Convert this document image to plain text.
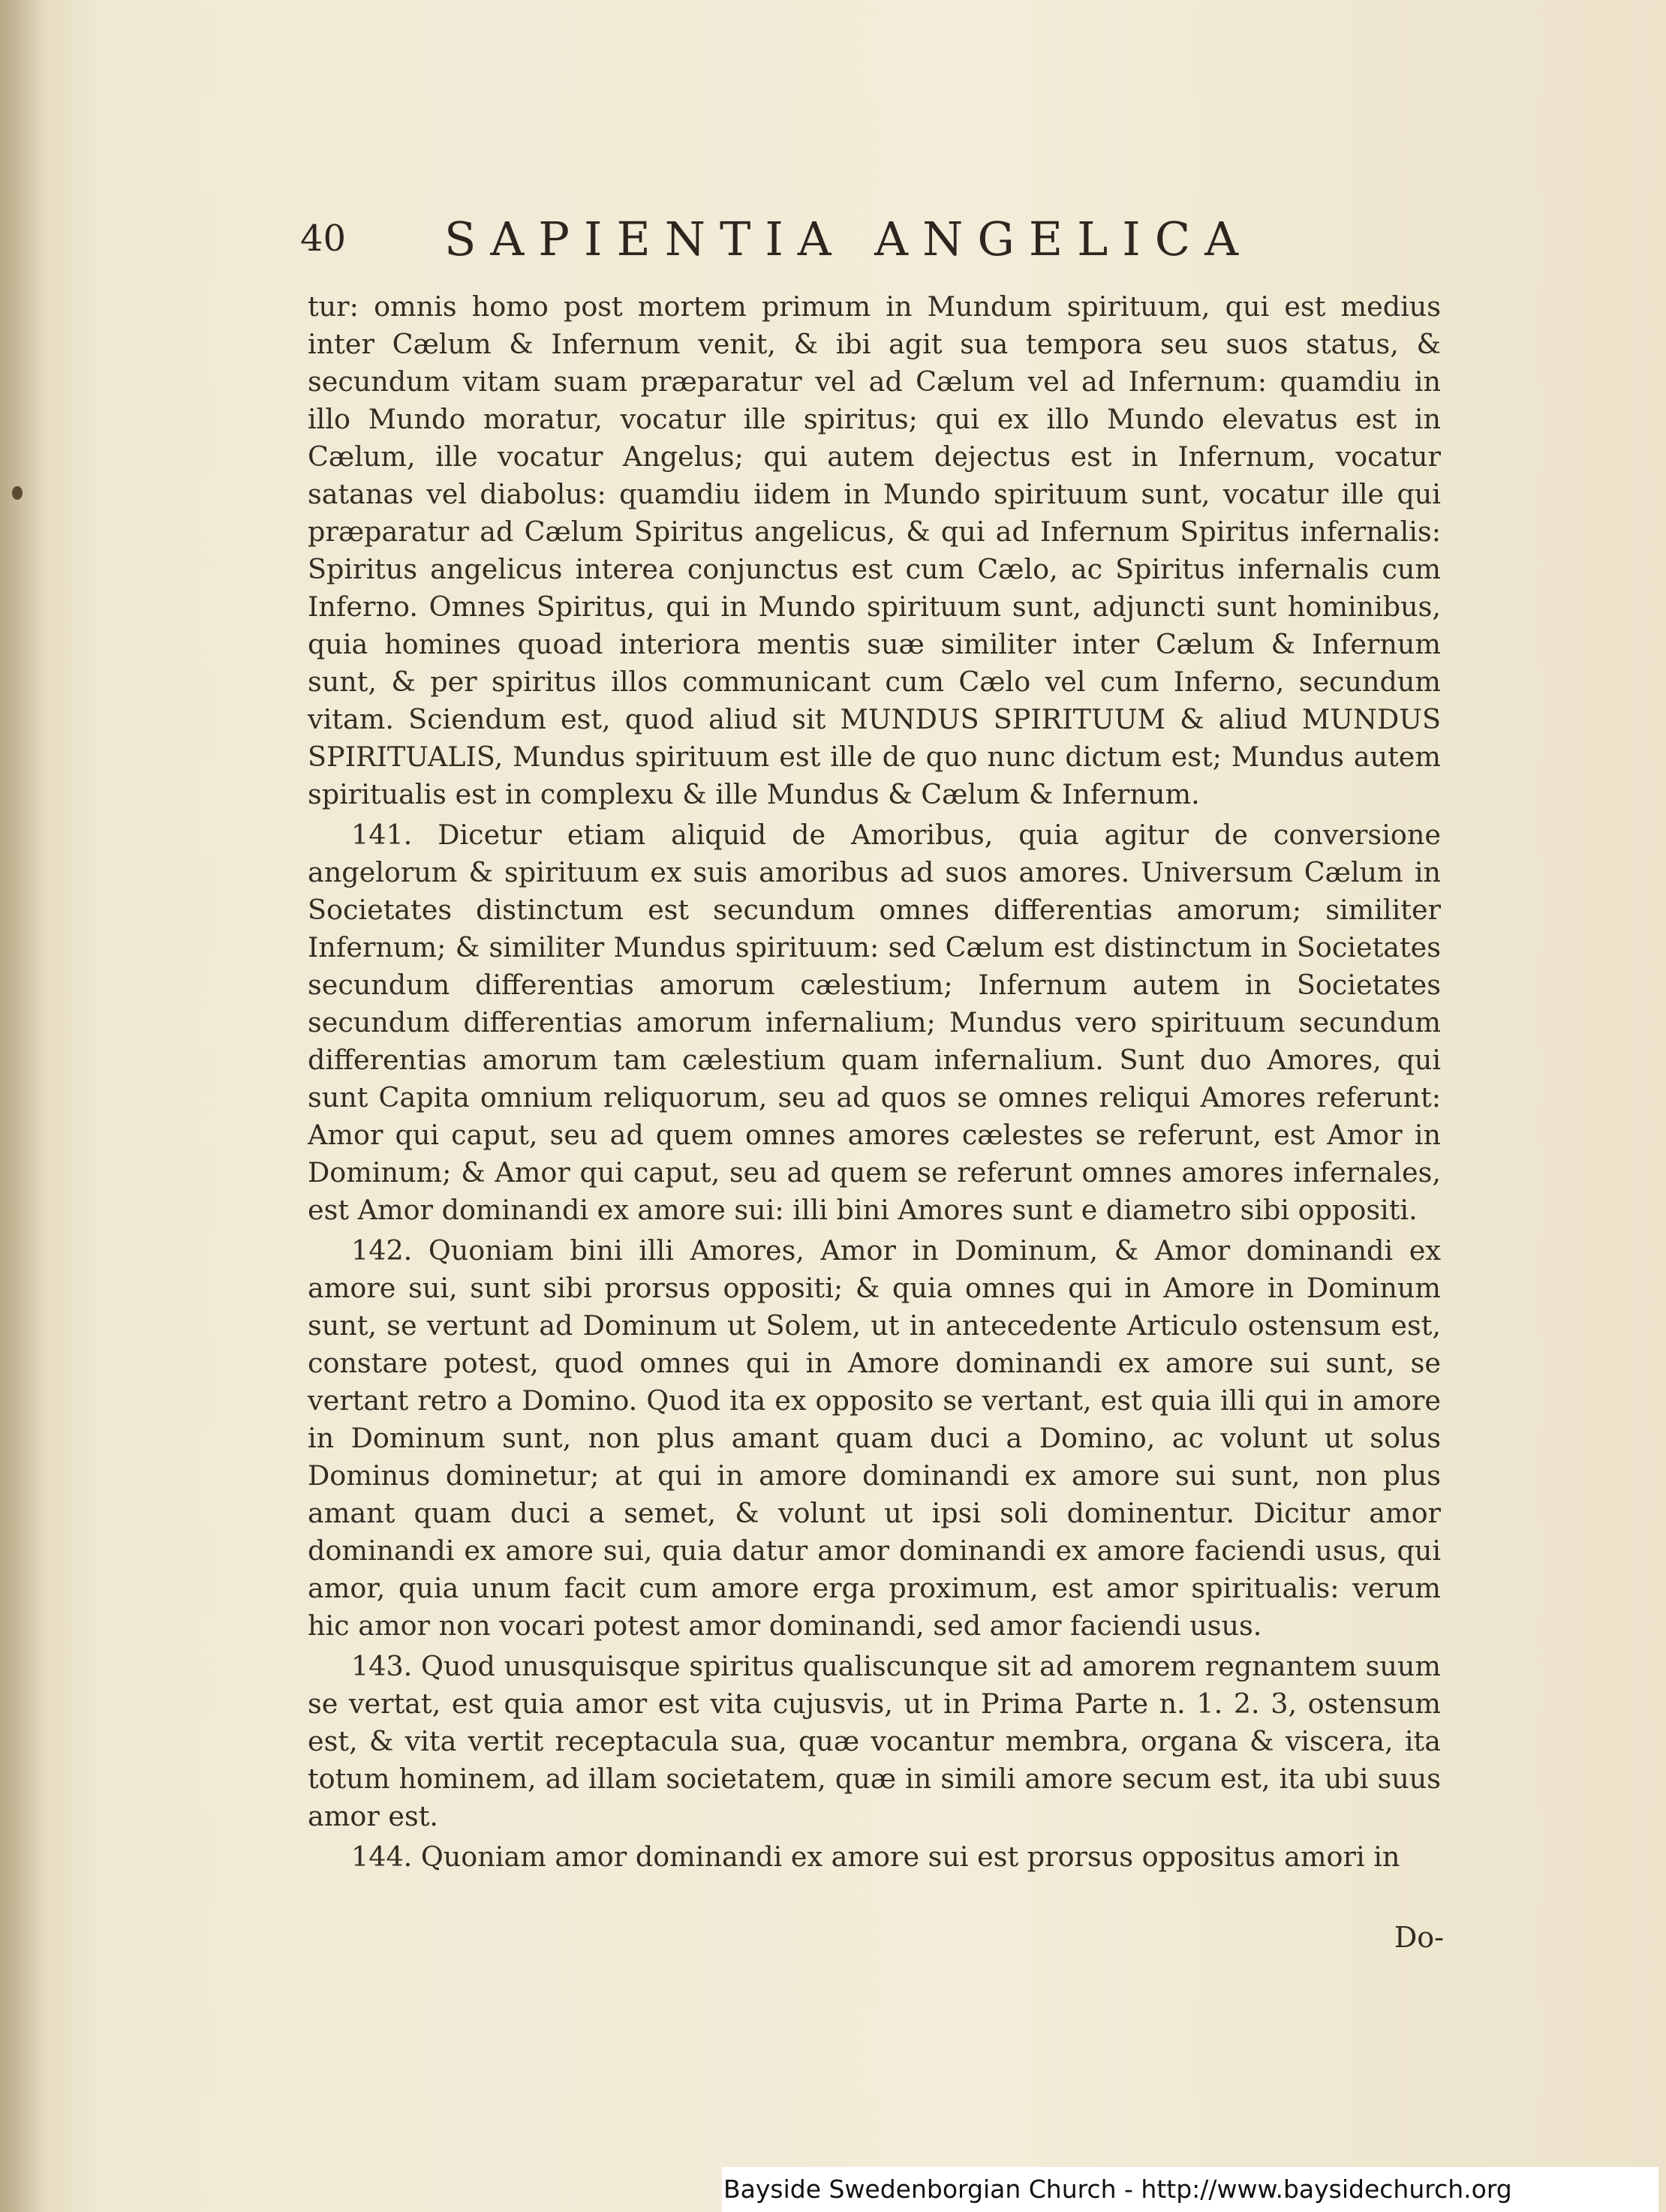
40 SAPIENTIA ANGELICA

tur: omnis homo post mortem primum in Mundum spirituum, qui est medius inter Cælum & Infernum venit, & ibi agit sua tempora seu suos status, & secundum vitam suam præparatur vel ad Cælum vel ad Infernum: quamdiu in illo Mundo moratur, vocatur ille spiritus; qui ex illo Mundo elevatus est in Cælum, ille vocatur Angelus; qui autem dejectus est in Infernum, vocatur satanas vel diabolus: quamdiu iidem in Mundo spirituum sunt, vocatur ille qui præparatur ad Cælum Spiritus angelicus, & qui ad Infernum Spiritus infernalis: Spiritus angelicus interea conjunctus est cum Cælo, ac Spiritus infernalis cum Inferno. Omnes Spiritus, qui in Mundo spirituum sunt, adjuncti sunt hominibus, quia homines quoad interiora mentis suæ similiter inter Cælum & Infernum sunt, & per spiritus illos communicant cum Cælo vel cum Inferno, secundum vitam. Sciendum est, quod aliud sit MUNDUS SPIRITUUM & aliud MUNDUS SPIRITUALIS, Mundus spirituum est ille de quo nunc dictum est; Mundus autem spiritualis est in complexu & ille Mundus & Cælum & Infernum.

141. Dicetur etiam aliquid de Amoribus, quia agitur de conversione angelorum & spirituum ex suis amoribus ad suos amores. Universum Cælum in Societates distinctum est secundum omnes differentias amorum; similiter Infernum; & similiter Mundus spirituum: sed Cælum est distinctum in Societates secundum differentias amorum cælestium; Infernum autem in Societates secundum differentias amorum infernalium; Mundus vero spirituum secundum differentias amorum tam cælestium quam infernalium. Sunt duo Amores, qui sunt Capita omnium reliquorum, seu ad quos se omnes reliqui Amores referunt: Amor qui caput, seu ad quem omnes amores cælestes se referunt, est Amor in Dominum; & Amor qui caput, seu ad quem se referunt omnes amores infernales, est Amor dominandi ex amore sui: illi bini Amores sunt e diametro sibi oppositi.

142. Quoniam bini illi Amores, Amor in Dominum, & Amor dominandi ex amore sui, sunt sibi prorsus oppositi; & quia omnes qui in Amore in Dominum sunt, se vertunt ad Dominum ut Solem, ut in antecedente Articulo ostensum est, constare potest, quod omnes qui in Amore dominandi ex amore sui sunt, se vertant retro a Domino. Quod ita ex opposito se vertant, est quia illi qui in amore in Dominum sunt, non plus amant quam duci a Domino, ac volunt ut solus Dominus dominetur; at qui in amore dominandi ex amore sui sunt, non plus amant quam duci a semet, & volunt ut ipsi soli dominentur. Dicitur amor dominandi ex amore sui, quia datur amor dominandi ex amore faciendi usus, qui amor, quia unum facit cum amore erga proximum, est amor spiritualis: verum hic amor non vocari potest amor dominandi, sed amor faciendi usus.

143. Quod unusquisque spiritus qualiscunque sit ad amorem regnantem suum se vertat, est quia amor est vita cujusvis, ut in Prima Parte n. 1. 2. 3, ostensum est, & vita vertit receptacula sua, quæ vocantur membra, organa & viscera, ita totum hominem, ad illam societatem, quæ in simili amore secum est, ita ubi suus amor est.

144. Quoniam amor dominandi ex amore sui est prorsus oppositus amori in

Do-
Bayside Swedenborgian Church - http://www.baysidechurch.org
